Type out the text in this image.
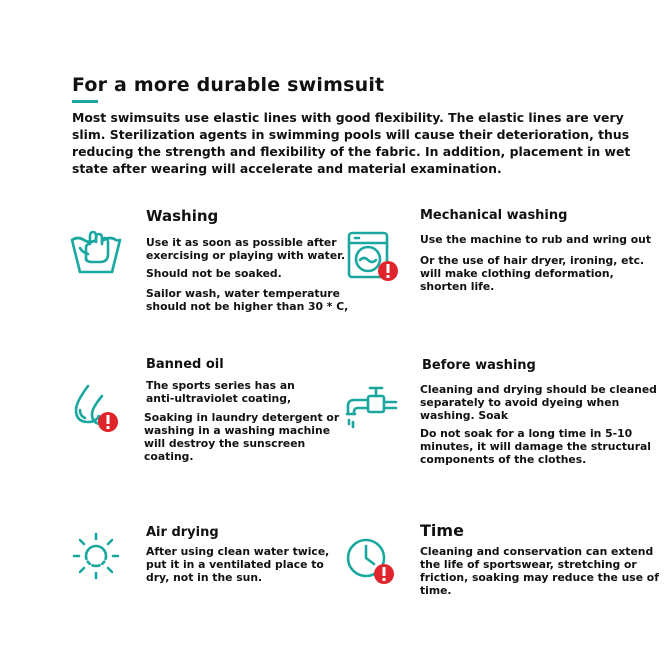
For a more durable swimsuit

Most swimsuits use elastic lines with good flexibility. The elastic lines are very slim. Sterilization agents in swimming pools will cause their deterioration, thus reducing the strength and flexibility of the fabric. In addition, placement in wet state after wearing will accelerate and material examination.

Washing

Use it as soon as possible after
exercising or playing with water.

Should not be soaked.

Sailor wash, water temperature
should not be higher than 30 * C,

Mechanical washing

Use the machine to rub and wring out

Or the use of hair dryer, ironing, etc.
will make clothing deformation,
shorten life.

Banned oil

The sports series has an
anti-ultraviolet coating,

Soaking in laundry detergent or
washing in a washing machine
will destroy the sunscreen
coating.

Before washing

Cleaning and drying should be cleaned
separately to avoid dyeing when
washing. Soak

Do not soak for a long time in 5-10
minutes, it will damage the structural
components of the clothes.

Air drying

After using clean water twice,
put it in a ventilated place to
dry, not in the sun.

Time

Cleaning and conservation can extend
the life of sportswear, stretching or
friction, soaking may reduce the use of
time.
